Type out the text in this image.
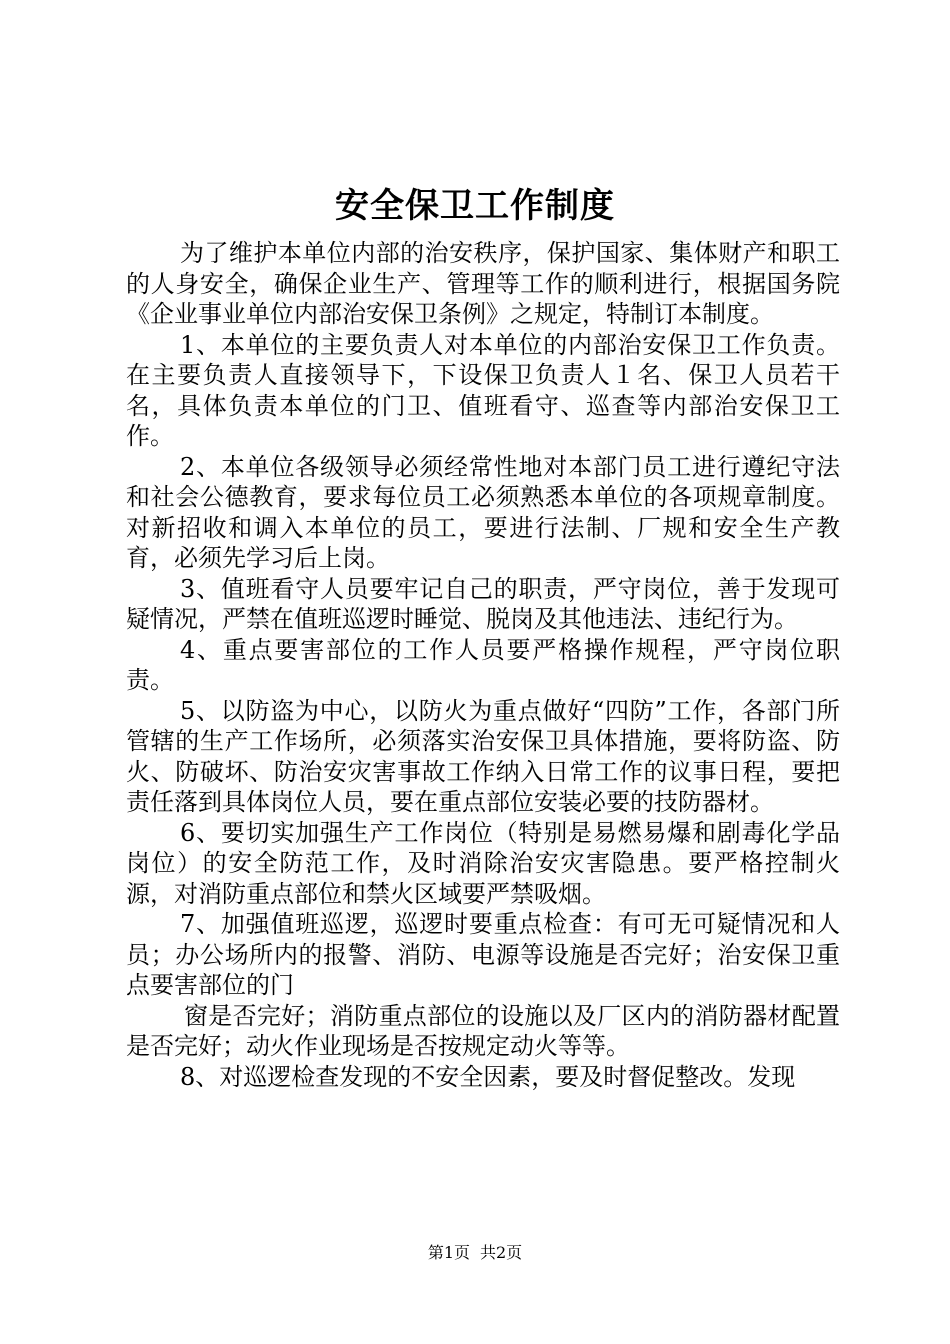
安全保卫工作制度

为了维护本单位内部的治安秩序，保护国家、集体财产和职工的人身安全，确保企业生产、管理等工作的顺利进行，根据国务院《企业事业单位内部治安保卫条例》之规定，特制订本制度。

1、本单位的主要负责人对本单位的内部治安保卫工作负责。在主要负责人直接领导下，下设保卫负责人１名、保卫人员若干名，具体负责本单位的门卫、值班看守、巡查等内部治安保卫工作。

2、本单位各级领导必须经常性地对本部门员工进行遵纪守法和社会公德教育，要求每位员工必须熟悉本单位的各项规章制度。对新招收和调入本单位的员工，要进行法制、厂规和安全生产教育，必须先学习后上岗。

3、值班看守人员要牢记自己的职责，严守岗位，善于发现可疑情况，严禁在值班巡逻时睡觉、脱岗及其他违法、违纪行为。

4、重点要害部位的工作人员要严格操作规程，严守岗位职责。

5、以防盗为中心，以防火为重点做好“四防”工作，各部门所管辖的生产工作场所，必须落实治安保卫具体措施，要将防盗、防火、防破坏、防治安灾害事故工作纳入日常工作的议事日程，要把责任落到具体岗位人员，要在重点部位安装必要的技防器材。

6、要切实加强生产工作岗位（特别是易燃易爆和剧毒化学品岗位）的安全防范工作，及时消除治安灾害隐患。要严格控制火源，对消防重点部位和禁火区域要严禁吸烟。

7、加强值班巡逻，巡逻时要重点检查：有可无可疑情况和人员；办公场所内的报警、消防、电源等设施是否完好；治安保卫重点要害部位的门

窗是否完好；消防重点部位的设施以及厂区内的消防器材配置是否完好；动火作业现场是否按规定动火等等。

8、对巡逻检查发现的不安全因素，要及时督促整改。发现

第1页 共2页
